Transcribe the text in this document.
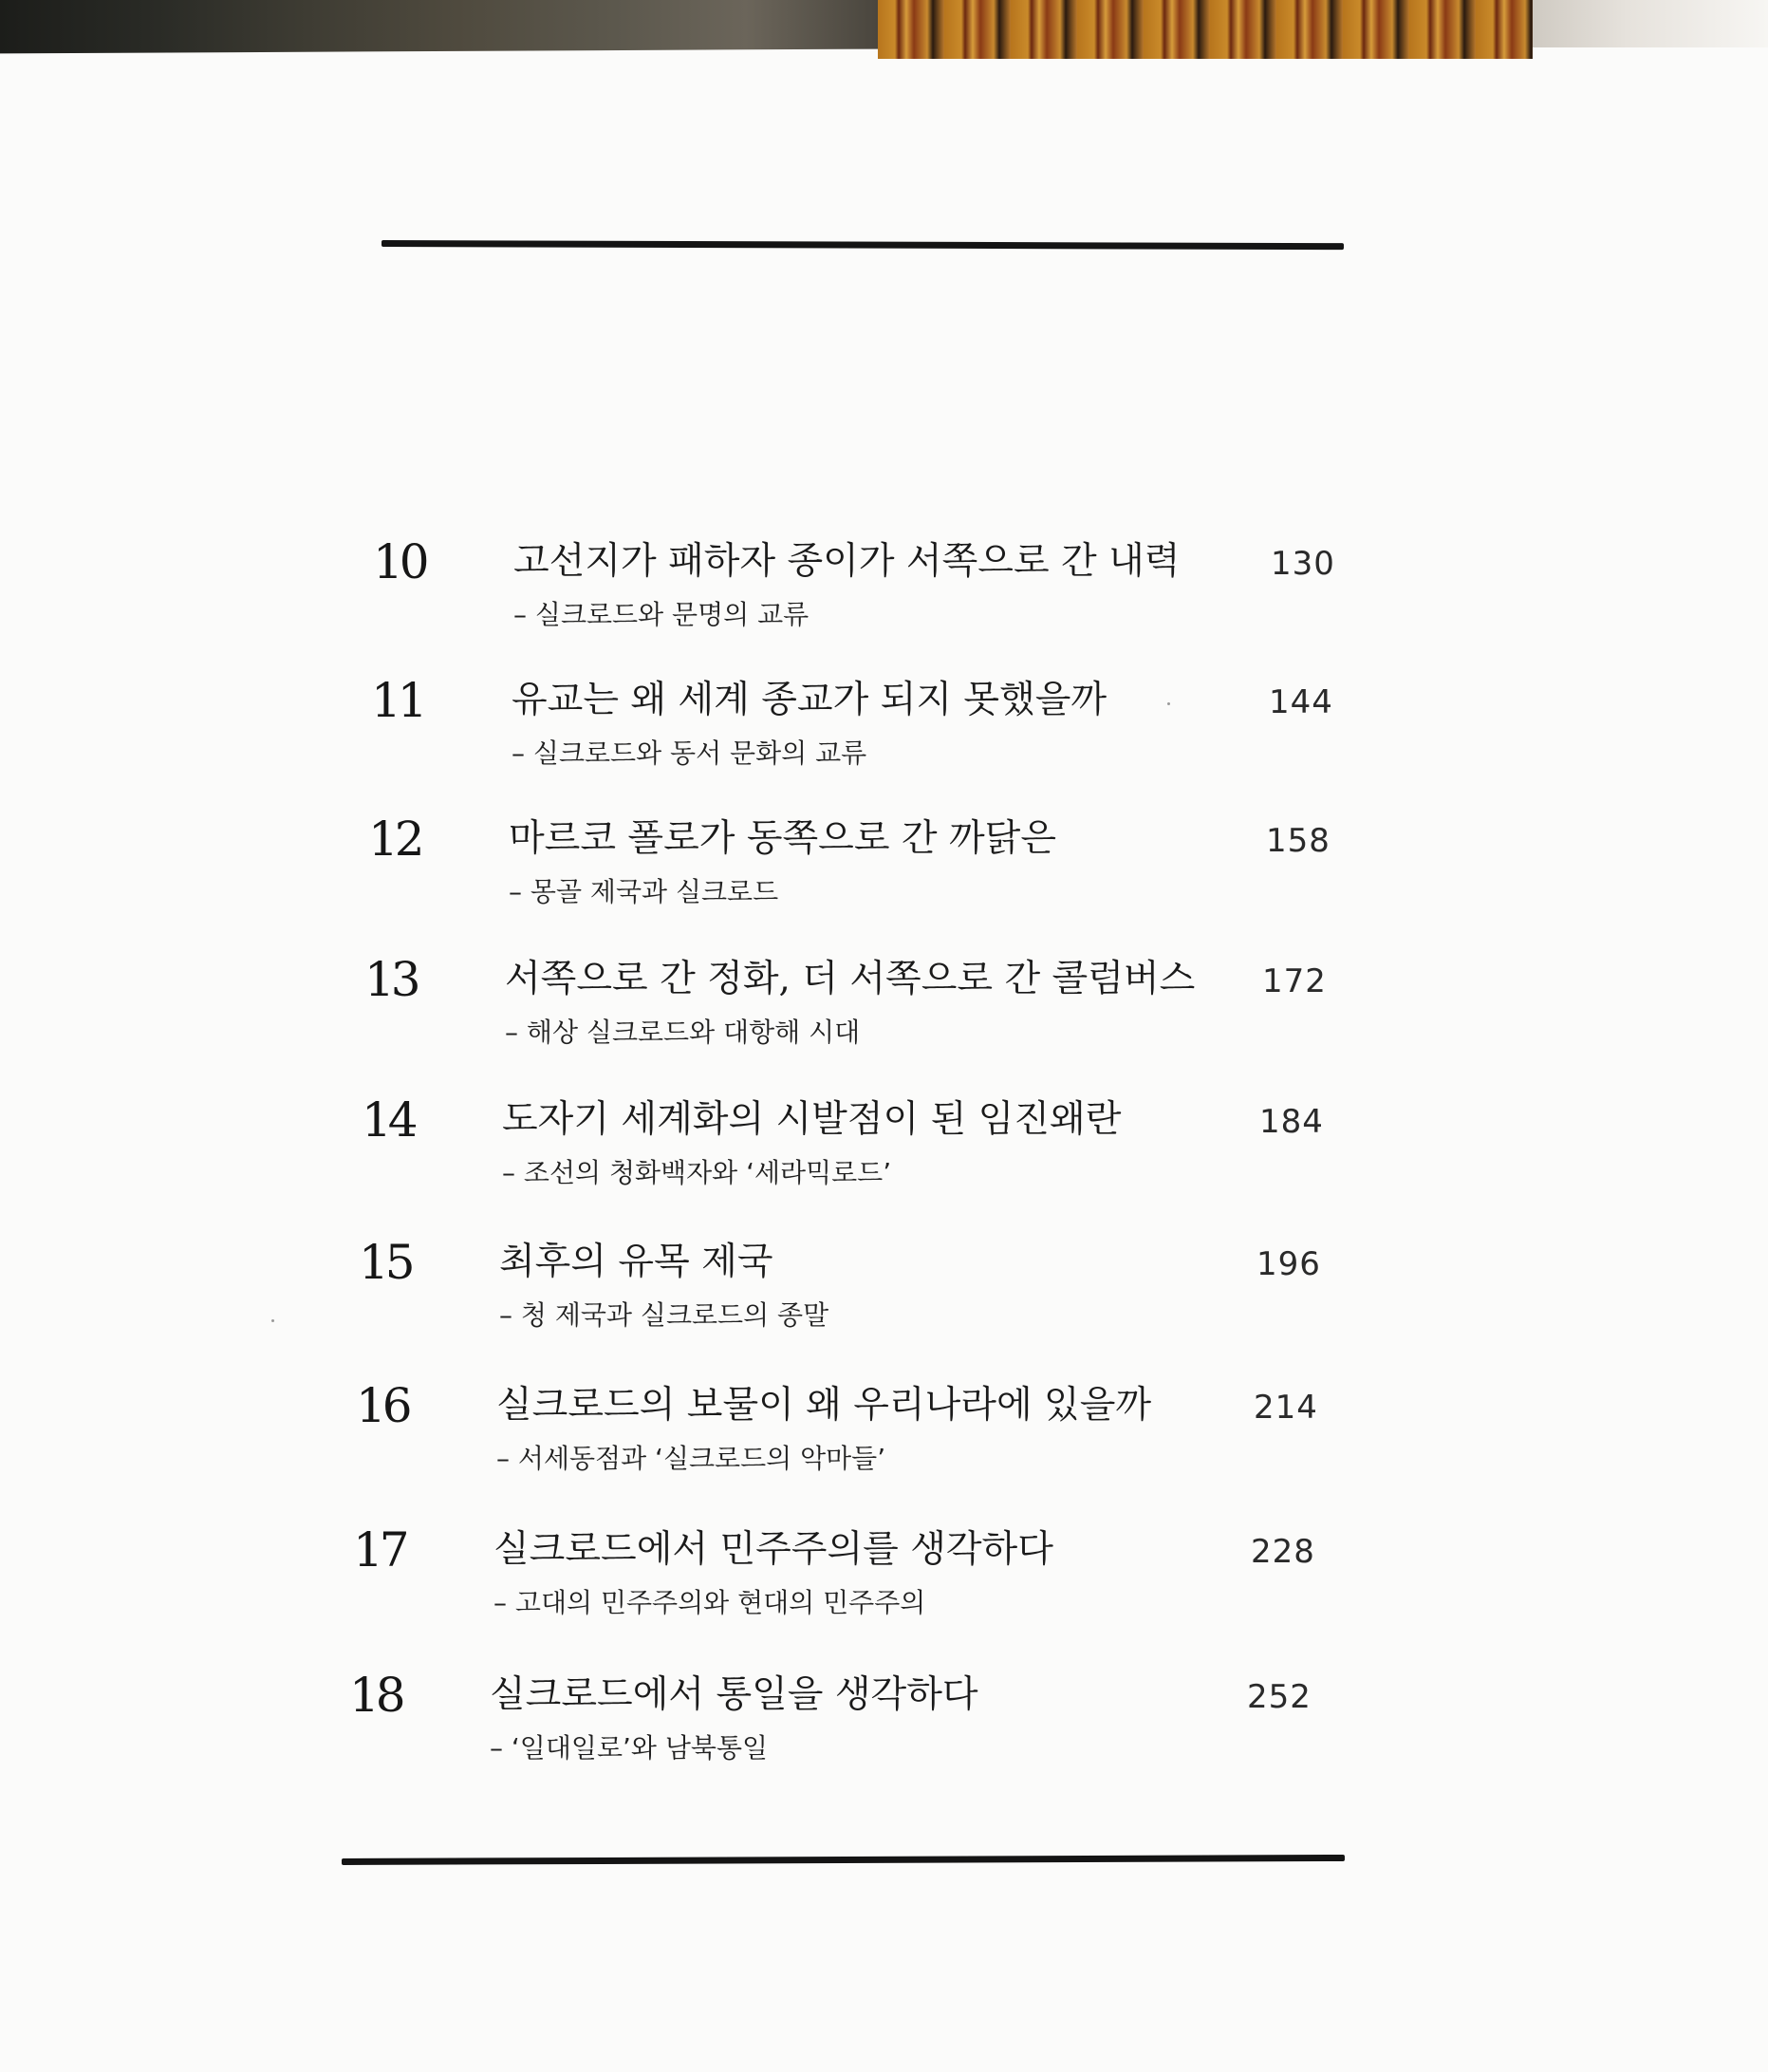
10 고선지가 패하자 종이가 서쪽으로 간 내력
– 실크로드와 문명의 교류
130
11 유교는 왜 세계 종교가 되지 못했을까
– 실크로드와 동서 문화의 교류
144
12 마르코 폴로가 동쪽으로 간 까닭은
– 몽골 제국과 실크로드
158
13 서쪽으로 간 정화, 더 서쪽으로 간 콜럼버스
– 해상 실크로드와 대항해 시대
172
14 도자기 세계화의 시발점이 된 임진왜란
– 조선의 청화백자와 ‘세라믹로드’
184
15 최후의 유목 제국
– 청 제국과 실크로드의 종말
196
16 실크로드의 보물이 왜 우리나라에 있을까
– 서세동점과 ‘실크로드의 악마들’
214
17 실크로드에서 민주주의를 생각하다
– 고대의 민주주의와 현대의 민주주의
228
18 실크로드에서 통일을 생각하다
– ‘일대일로’와 남북통일
252
